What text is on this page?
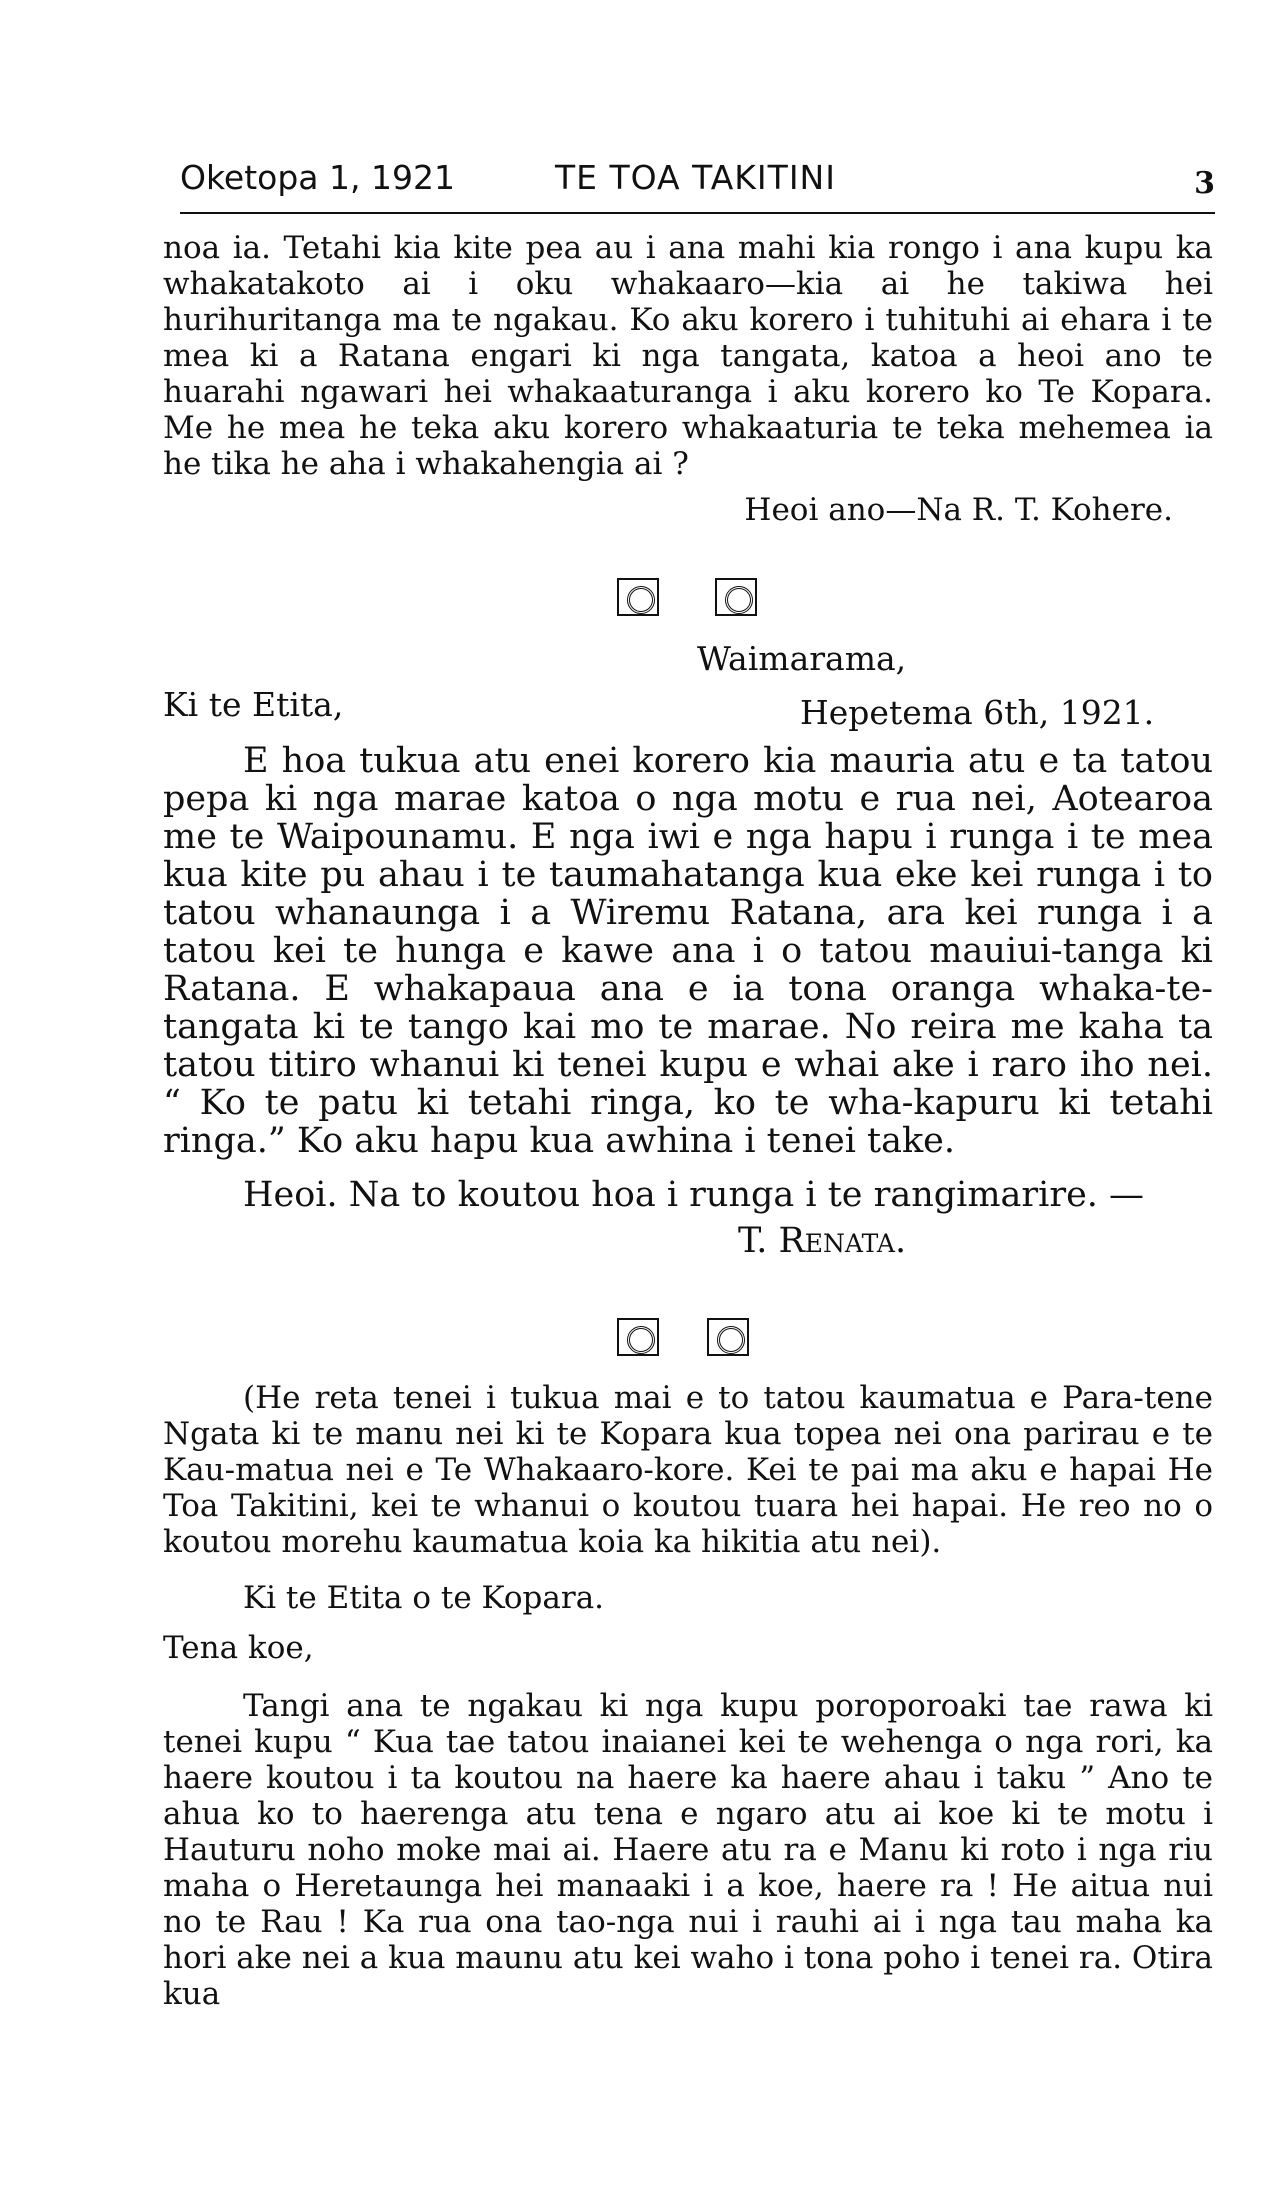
Oketopa 1, 1921	TE TOA TAKITINI	3

noa ia. Tetahi kia kite pea au i ana mahi kia rongo i ana kupu ka whakatakoto ai i oku whakaaro—kia ai he takiwa hei hurihuritanga ma te ngakau. Ko aku korero i tuhituhi ai ehara i te mea ki a Ratana engari ki nga tangata, katoa a heoi ano te huarahi ngawari hei whakaaturanga i aku korero ko Te Kopara. Me he mea he teka aku korero whakaaturia te teka mehemea ia he tika he aha i whakahengia ai ?

Heoi ano—Na R. T. Kohere.

Waimarama,
Ki te Etita,	Hepetema 6th, 1921.

E hoa tukua atu enei korero kia mauria atu e ta tatou pepa ki nga marae katoa o nga motu e rua nei, Aotearoa me te Waipounamu. E nga iwi e nga hapu i runga i te mea kua kite pu ahau i te taumahatanga kua eke kei runga i to tatou whanaunga i a Wiremu Ratana, ara kei runga i a tatou kei te hunga e kawe ana i o tatou mauiui-tanga ki Ratana. E whakapaua ana e ia tona oranga whaka-te-tangata ki te tango kai mo te marae. No reira me kaha ta tatou titiro whanui ki tenei kupu e whai ake i raro iho nei. “ Ko te patu ki tetahi ringa, ko te wha-kapuru ki tetahi ringa.” Ko aku hapu kua awhina i tenei take.

Heoi. Na to koutou hoa i runga i te rangimarire. —

T. Renata.

(He reta tenei i tukua mai e to tatou kaumatua e Para-tene Ngata ki te manu nei ki te Kopara kua topea nei ona parirau e te Kau-matua nei e Te Whakaaro-kore. Kei te pai ma aku e hapai He Toa Takitini, kei te whanui o koutou tuara hei hapai. He reo no o koutou morehu kaumatua koia ka hikitia atu nei).

Ki te Etita o te Kopara.

Tena koe,

Tangi ana te ngakau ki nga kupu poroporoaki tae rawa ki tenei kupu “ Kua tae tatou inaianei kei te wehenga o nga rori, ka haere koutou i ta koutou na haere ka haere ahau i taku ” Ano te ahua ko to haerenga atu tena e ngaro atu ai koe ki te motu i Hauturu noho moke mai ai. Haere atu ra e Manu ki roto i nga riu maha o Heretaunga hei manaaki i a koe, haere ra ! He aitua nui no te Rau ! Ka rua ona tao-nga nui i rauhi ai i nga tau maha ka hori ake nei a kua maunu atu kei waho i tona poho i tenei ra. Otira kua
